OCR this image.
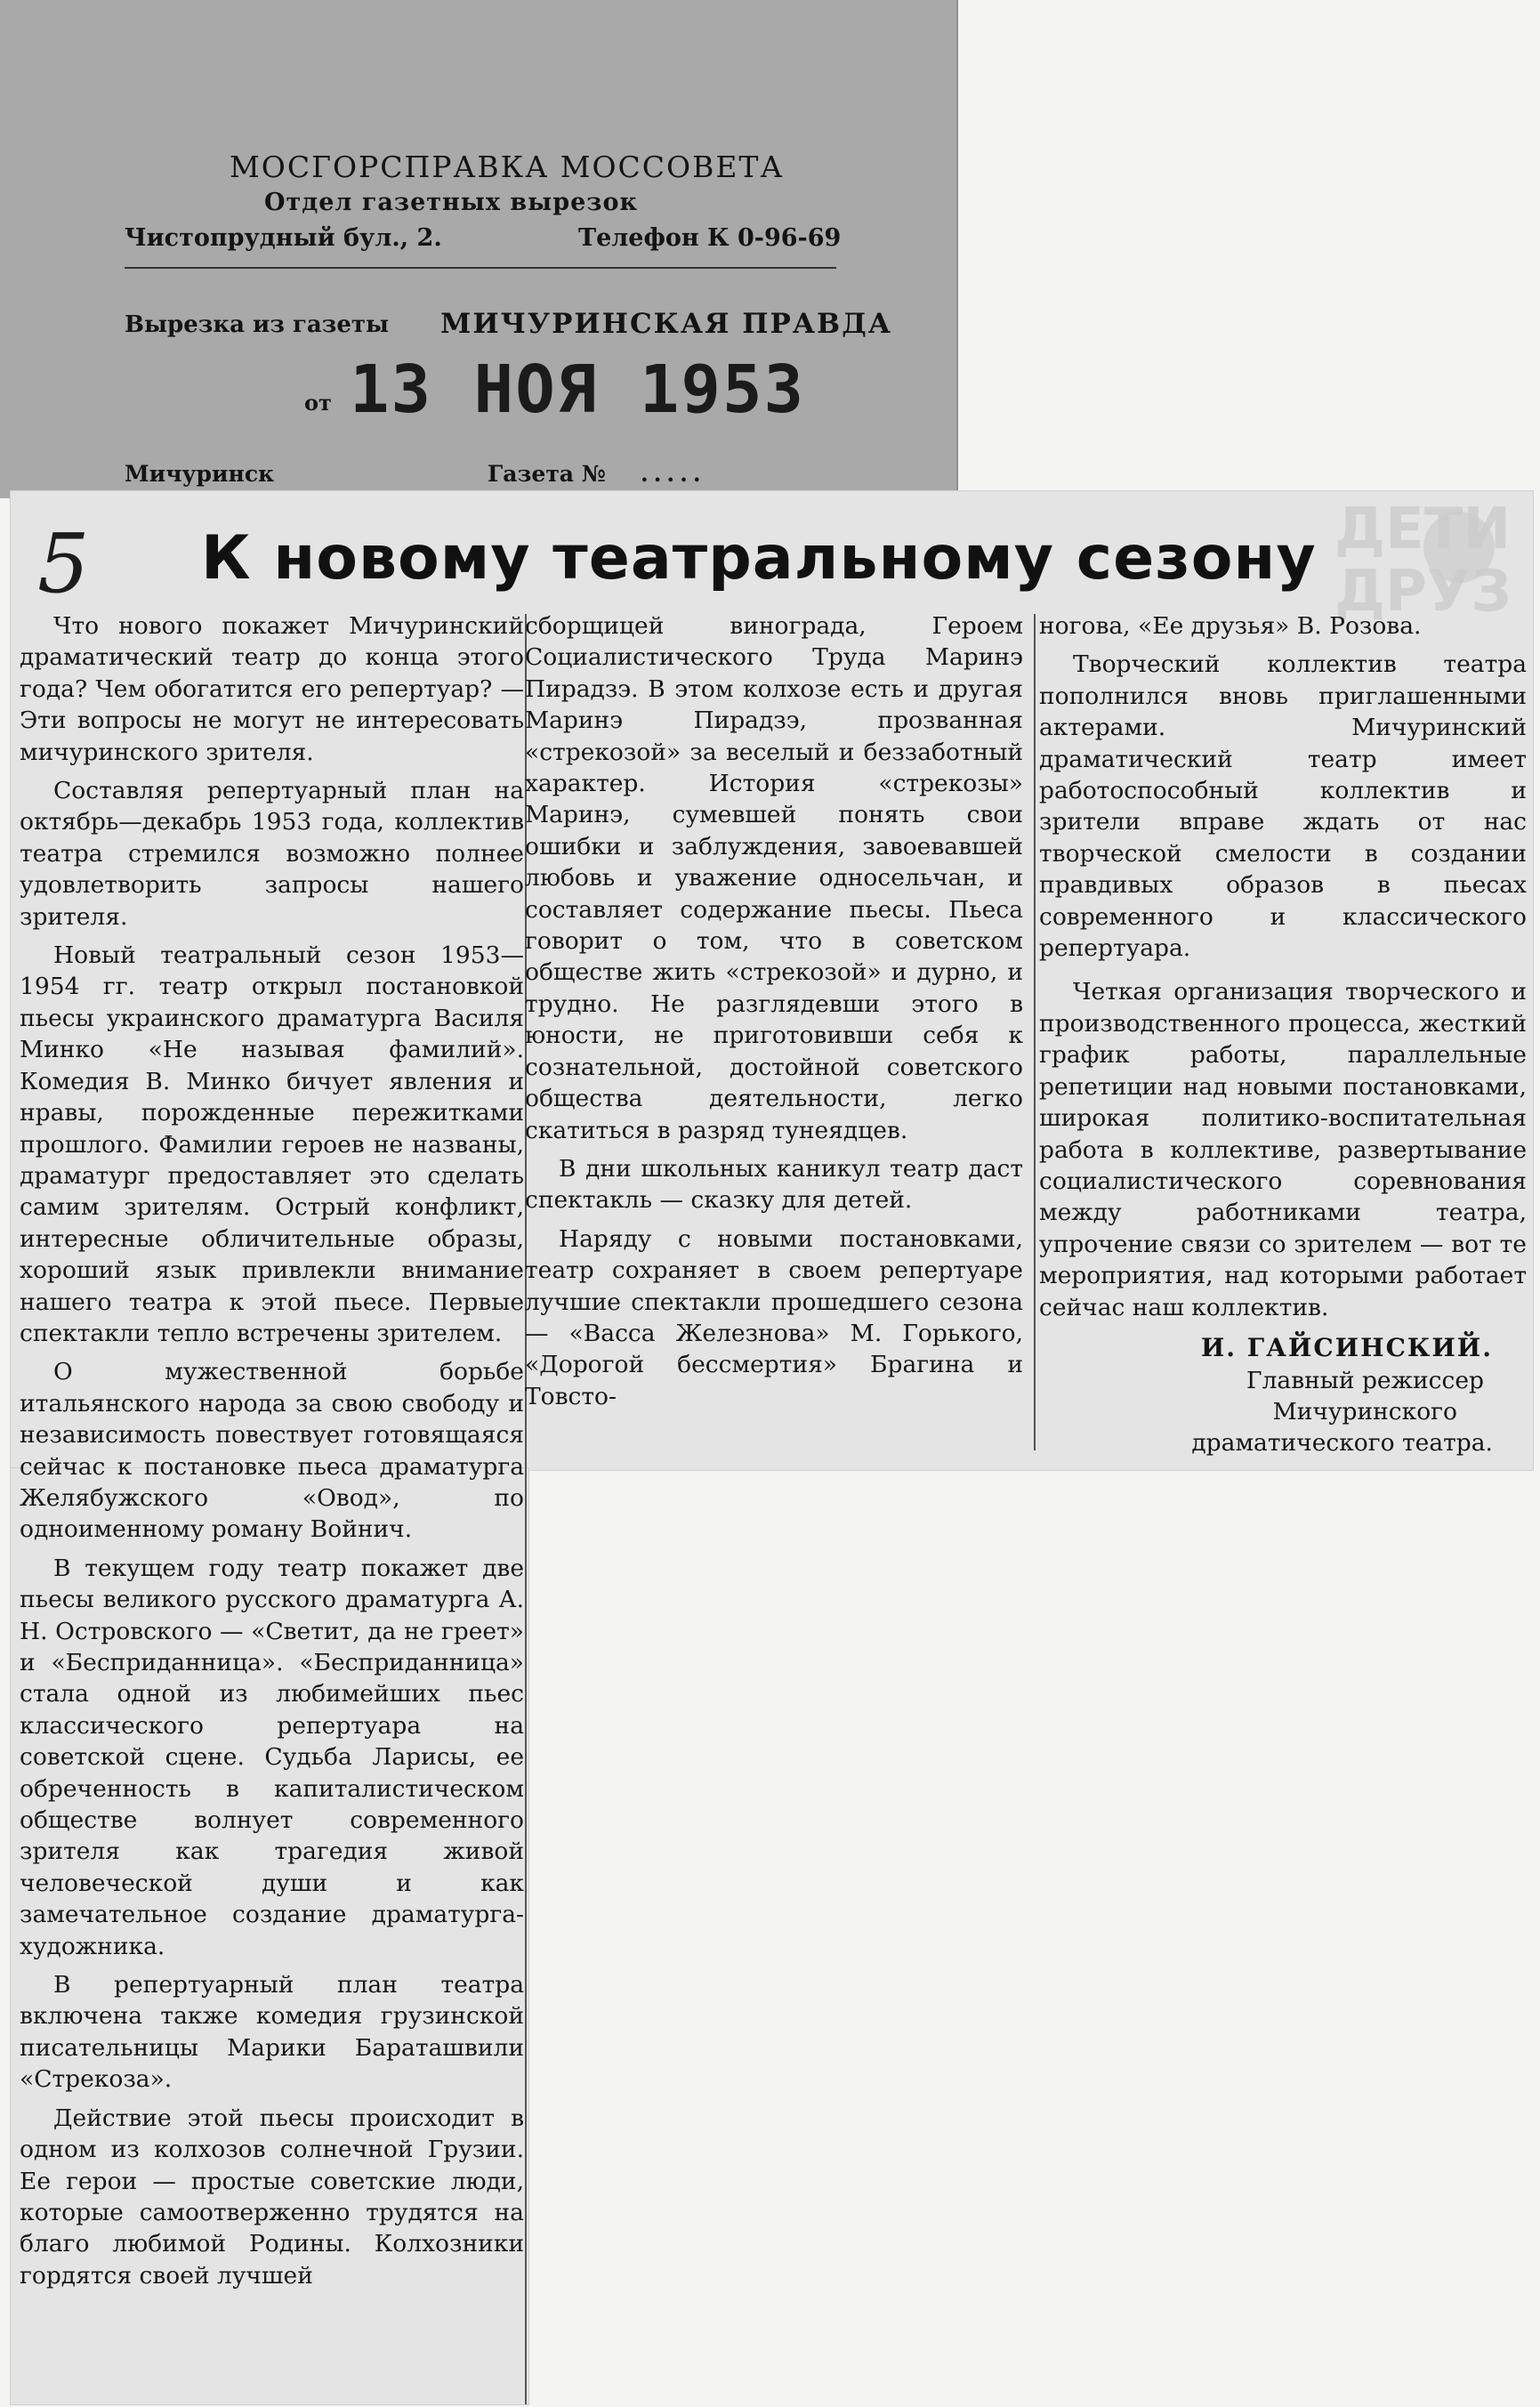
МОСГОРСПРАВКА МОССОВЕТА
Отдел газетных вырезок
Чистопрудный бул., 2.	Телефон К 0-96-69
Вырезка из газеты МИЧУРИНСКАЯ ПРАВДА
от 13 НОЯ 1953
Мичуринск	Газета № .....
ДЕТИ
ДРУЗ
5 К новому театральному сезону

Что нового покажет Мичуринский драматический театр до конца этого года? Чем обогатится его репертуар? — Эти вопросы не могут не интересовать мичуринского зрителя.

Составляя репертуарный план на октябрь—декабрь 1953 года, коллектив театра стремился возможно полнее удовлетворить запросы нашего зрителя.

Новый театральный сезон 1953—1954 гг. театр открыл постановкой пьесы украинского драматурга Василя Минко «Не называя фамилий». Комедия В. Минко бичует явления и нравы, порожденные пережитками прошлого. Фамилии героев не названы, драматург предоставляет это сделать самим зрителям. Острый конфликт, интересные обличительные образы, хороший язык привлекли внимание нашего театра к этой пьесе. Первые спектакли тепло встречены зрителем.

О мужественной борьбе итальянского народа за свою свободу и независимость повествует готовящаяся сейчас к постановке пьеса драматурга Желябужского «Овод», по одноименному роману Войнич.

В текущем году театр покажет две пьесы великого русского драматурга А. Н. Островского — «Светит, да не греет» и «Бесприданница». «Бесприданница» стала одной из любимейших пьес классического репертуара на советской сцене. Судьба Ларисы, ее обреченность в капиталистическом обществе волнует современного зрителя как трагедия живой человеческой души и как замечательное создание драматурга-художника.

В репертуарный план театра включена также комедия грузинской писательницы Марики Бараташвили «Стрекоза».

Действие этой пьесы происходит в одном из колхозов солнечной Грузии. Ее герои — простые советские люди, которые самоотверженно трудятся на благо любимой Родины. Колхозники гордятся своей лучшей

сборщицей винограда, Героем Социалистического Труда Маринэ Пирадзэ. В этом колхозе есть и другая Маринэ Пирадзэ, прозванная «стрекозой» за веселый и беззаботный характер. История «стрекозы» Маринэ, сумевшей понять свои ошибки и заблуждения, завоевавшей любовь и уважение односельчан, и составляет содержание пьесы. Пьеса говорит о том, что в советском обществе жить «стрекозой» и дурно, и трудно. Не разглядевши этого в юности, не приготовивши себя к сознательной, достойной советского общества деятельности, легко скатиться в разряд тунеядцев.

В дни школьных каникул театр даст спектакль — сказку для детей.

Наряду с новыми постановками, театр сохраняет в своем репертуаре лучшие спектакли прошедшего сезона — «Васса Железнова» М. Горького, «Дорогой бессмертия» Брагина и Товсто-

ногова, «Ее друзья» В. Розова.

Творческий коллектив театра пополнился вновь приглашенными актерами. Мичуринский драматический театр имеет работоспособный коллектив и зрители вправе ждать от нас творческой смелости в создании правдивых образов в пьесах современного и классического репертуара.

Четкая организация творческого и производственного процесса, жесткий график работы, параллельные репетиции над новыми постановками, широкая политико-воспитательная работа в коллективе, развертывание социалистического соревнования между работниками театра, упрочение связи со зрителем — вот те мероприятия, над которыми работает сейчас наш коллектив.

И. ГАЙСИНСКИЙ.
Главный режиссер
Мичуринского
драматического театра.
